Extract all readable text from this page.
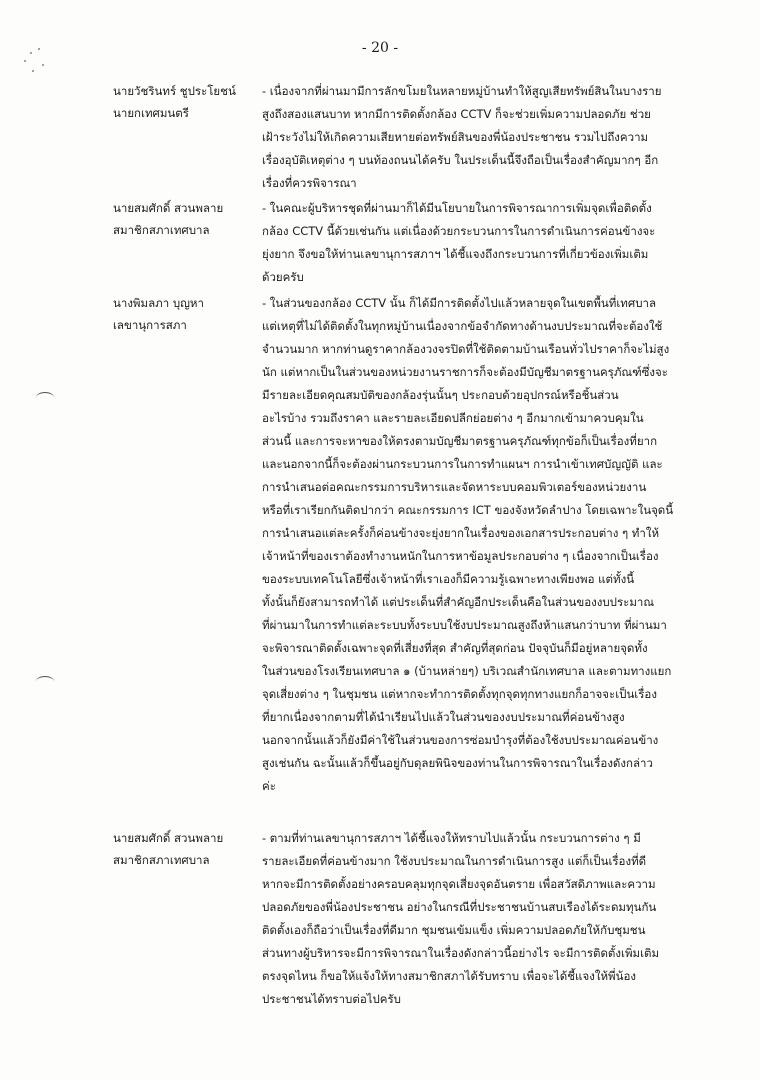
- 20 -
นายวัชรินทร์ ชูประโยชน์
นายกเทศมนตรี
- เนื่องจากที่ผ่านมามีการลักขโมยในหลายหมู่บ้านทำให้สูญเสียทรัพย์สินในบางราย
สูงถึงสองแสนบาท หากมีการติดตั้งกล้อง CCTV ก็จะช่วยเพิ่มความปลอดภัย ช่วย
เฝ้าระวังไม่ให้เกิดความเสียหายต่อทรัพย์สินของพี่น้องประชาชน รวมไปถึงความ
เรื่องอุบัติเหตุต่าง ๆ บนท้องถนนได้ครับ ในประเด็นนี้จึงถือเป็นเรื่องสำคัญมากๆ อีก
เรื่องที่ควรพิจารณา
นายสมศักดิ์ สวนพลาย
สมาชิกสภาเทศบาล
- ในคณะผู้บริหารชุดที่ผ่านมาก็ได้มีนโยบายในการพิจารณาการเพิ่มจุดเพื่อติดตั้ง
กล้อง CCTV นี้ด้วยเช่นกัน แต่เนื่องด้วยกระบวนการในการดำเนินการค่อนข้างจะ
ยุ่งยาก จึงขอให้ท่านเลขานุการสภาฯ ได้ชี้แจงถึงกระบวนการที่เกี่ยวข้องเพิ่มเติม
ด้วยครับ
นางพิมลภา บุญหา
เลขานุการสภา
- ในส่วนของกล้อง CCTV นั้น ก็ได้มีการติดตั้งไปแล้วหลายจุดในเขตพื้นที่เทศบาล
แต่เหตุที่ไม่ได้ติดตั้งในทุกหมู่บ้านเนื่องจากข้อจำกัดทางด้านงบประมาณที่จะต้องใช้
จำนวนมาก หากท่านดูราคากล้องวงจรปิดที่ใช้ติดตามบ้านเรือนทั่วไปราคาก็จะไม่สูง
นัก แต่หากเป็นในส่วนของหน่วยงานราชการก็จะต้องมีบัญชีมาตรฐานครุภัณฑ์ซึ่งจะ
มีรายละเอียดคุณสมบัติของกล้องรุ่นนั้นๆ ประกอบด้วยอุปกรณ์หรือชิ้นส่วน
อะไรบ้าง รวมถึงราคา และรายละเอียดปลีกย่อยต่าง ๆ อีกมากเข้ามาควบคุมใน
ส่วนนี้ และการจะหาของให้ตรงตามบัญชีมาตรฐานครุภัณฑ์ทุกข้อก็เป็นเรื่องที่ยาก
และนอกจากนี้ก็จะต้องผ่านกระบวนการในการทำแผนฯ การนำเข้าเทศบัญญัติ และ
การนำเสนอต่อคณะกรรมการบริหารและจัดหาระบบคอมพิวเตอร์ของหน่วยงาน
หรือที่เราเรียกกันติดปากว่า คณะกรรมการ ICT ของจังหวัดลำปาง โดยเฉพาะในจุดนี้
การนำเสนอแต่ละครั้งก็ค่อนข้างจะยุ่งยากในเรื่องของเอกสารประกอบต่าง ๆ ทำให้
เจ้าหน้าที่ของเราต้องทำงานหนักในการหาข้อมูลประกอบต่าง ๆ เนื่องจากเป็นเรื่อง
ของระบบเทคโนโลยีซึ่งเจ้าหน้าที่เราเองก็มีความรู้เฉพาะทางเพียงพอ แต่ทั้งนี้
ทั้งนั้นก็ยังสามารถทำได้ แต่ประเด็นที่สำคัญอีกประเด็นคือในส่วนของงบประมาณ
ที่ผ่านมาในการทำแต่ละระบบทั้งระบบใช้งบประมาณสูงถึงห้าแสนกว่าบาท ที่ผ่านมา
จะพิจารณาติดตั้งเฉพาะจุดที่เสี่ยงที่สุด สำคัญที่สุดก่อน ปัจจุบันก็มีอยู่หลายจุดทั้ง
ในส่วนของโรงเรียนเทศบาล ๑ (บ้านหล่ายๆ) บริเวณสำนักเทศบาล และตามทางแยก
จุดเสี่ยงต่าง ๆ ในชุมชน แต่หากจะทำการติดตั้งทุกจุดทุกทางแยกก็อาจจะเป็นเรื่อง
ที่ยากเนื่องจากตามที่ได้นำเรียนไปแล้วในส่วนของงบประมาณที่ค่อนข้างสูง
นอกจากนั้นแล้วก็ยังมีค่าใช้ในส่วนของการซ่อมบำรุงที่ต้องใช้งบประมาณค่อนข้าง
สูงเช่นกัน ฉะนั้นแล้วก็ขึ้นอยู่กับดุลยพินิจของท่านในการพิจารณาในเรื่องดังกล่าว
ค่ะ
นายสมศักดิ์ สวนพลาย
สมาชิกสภาเทศบาล
- ตามที่ท่านเลขานุการสภาฯ ได้ชี้แจงให้ทราบไปแล้วนั้น กระบวนการต่าง ๆ มี
รายละเอียดที่ค่อนข้างมาก ใช้งบประมาณในการดำเนินการสูง แต่ก็เป็นเรื่องที่ดี
หากจะมีการติดตั้งอย่างครอบคลุมทุกจุดเสี่ยงจุดอันตราย เพื่อสวัสดิภาพและความ
ปลอดภัยของพี่น้องประชาชน อย่างในกรณีที่ประชาชนบ้านสบเรืองได้ระดมทุนกัน
ติดตั้งเองก็ถือว่าเป็นเรื่องที่ดีมาก ชุมชนเข้มแข็ง เพิ่มความปลอดภัยให้กับชุมชน
ส่วนทางผู้บริหารจะมีการพิจารณาในเรื่องดังกล่าวนี้อย่างไร จะมีการติดตั้งเพิ่มเติม
ตรงจุดไหน ก็ขอให้แจ้งให้ทางสมาชิกสภาได้รับทราบ เพื่อจะได้ชี้แจงให้พี่น้อง
ประชาชนได้ทราบต่อไปครับ
